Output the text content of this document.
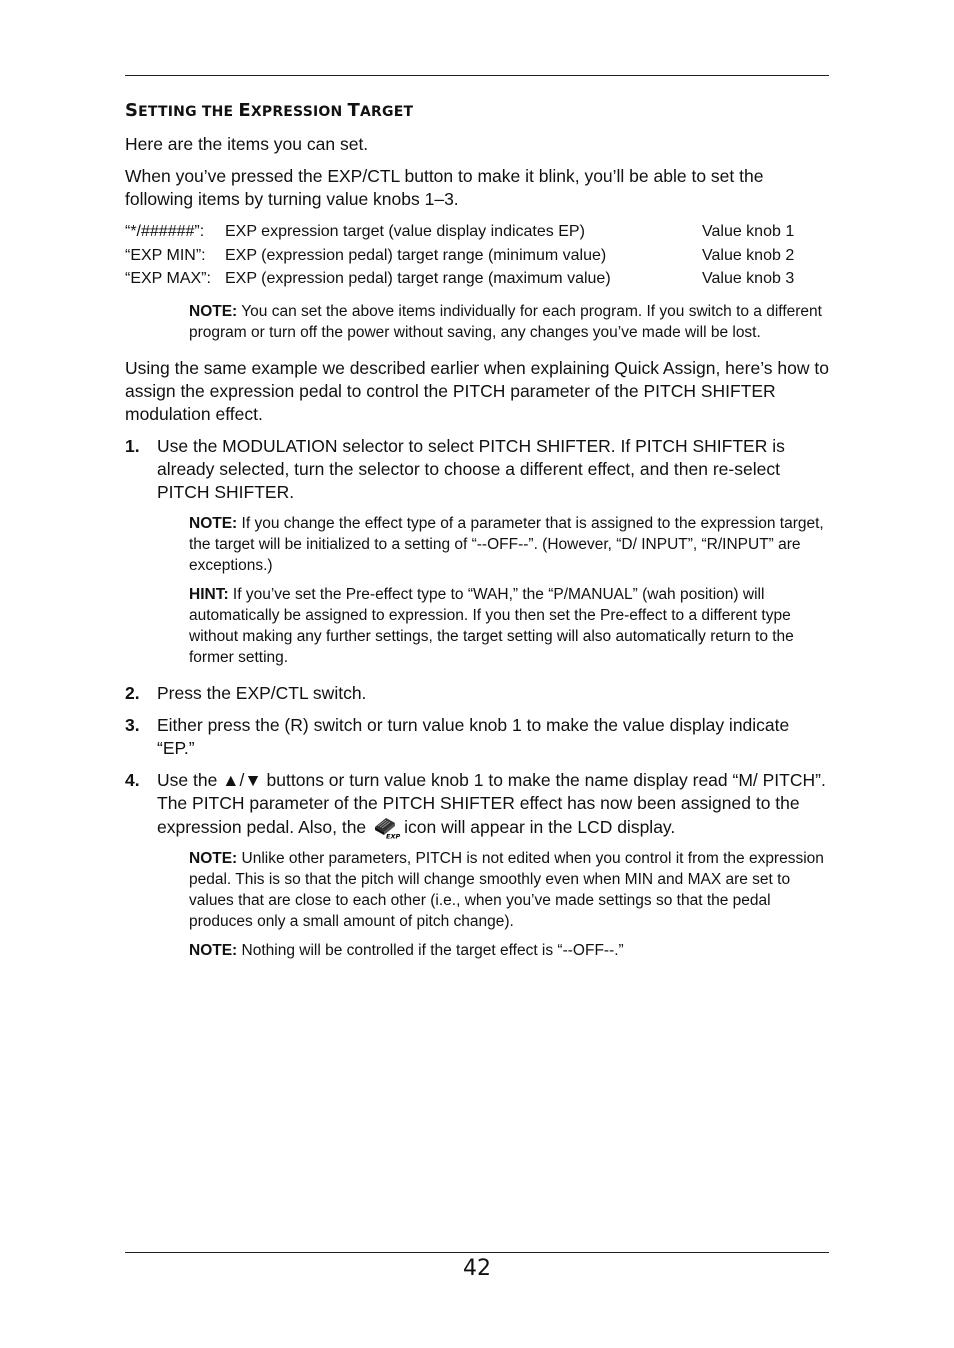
SETTING THE EXPRESSION TARGET

Here are the items you can set.

When you’ve pressed the EXP/CTL button to make it blink, you’ll be able to set the following items by turning value knobs 1–3.

“*/######”:	EXP expression target (value display indicates EP)	Value knob 1
“EXP MIN”:	EXP (expression pedal) target range (minimum value)	Value knob 2
“EXP MAX”:	EXP (expression pedal) target range (maximum value)	Value knob 3
NOTE: You can set the above items individually for each program. If you switch to a different program or turn off the power without saving, any changes you’ve made will be lost.

Using the same example we described earlier when explaining Quick Assign, here’s how to assign the expression pedal to control the PITCH parameter of the PITCH SHIFTER modulation effect.

1. Use the MODULATION selector to select PITCH SHIFTER. If PITCH SHIFTER is already selected, turn the selector to choose a different effect, and then re-select PITCH SHIFTER.
NOTE: If you change the effect type of a parameter that is assigned to the expression target, the target will be initialized to a setting of “--OFF--”. (However, “D/ INPUT”, “R/INPUT” are exceptions.)
HINT: If you’ve set the Pre-effect type to “WAH,” the “P/MANUAL” (wah position) will automatically be assigned to expression. If you then set the Pre-effect to a different type without making any further settings, the target setting will also automatically return to the former setting.
2. Press the EXP/CTL switch.
3. Either press the (R) switch or turn value knob 1 to make the value display indicate “EP.”
4. Use the ▲/▼ buttons or turn value knob 1 to make the name display read “M/ PITCH”. The PITCH parameter of the PITCH SHIFTER effect has now been assigned to the expression pedal. Also, the	EXP icon will appear in the LCD display.
NOTE: Unlike other parameters, PITCH is not edited when you control it from the expression pedal. This is so that the pitch will change smoothly even when MIN and MAX are set to values that are close to each other (i.e., when you’ve made settings so that the pedal produces only a small amount of pitch change).
NOTE: Nothing will be controlled if the target effect is “--OFF--.”
42
